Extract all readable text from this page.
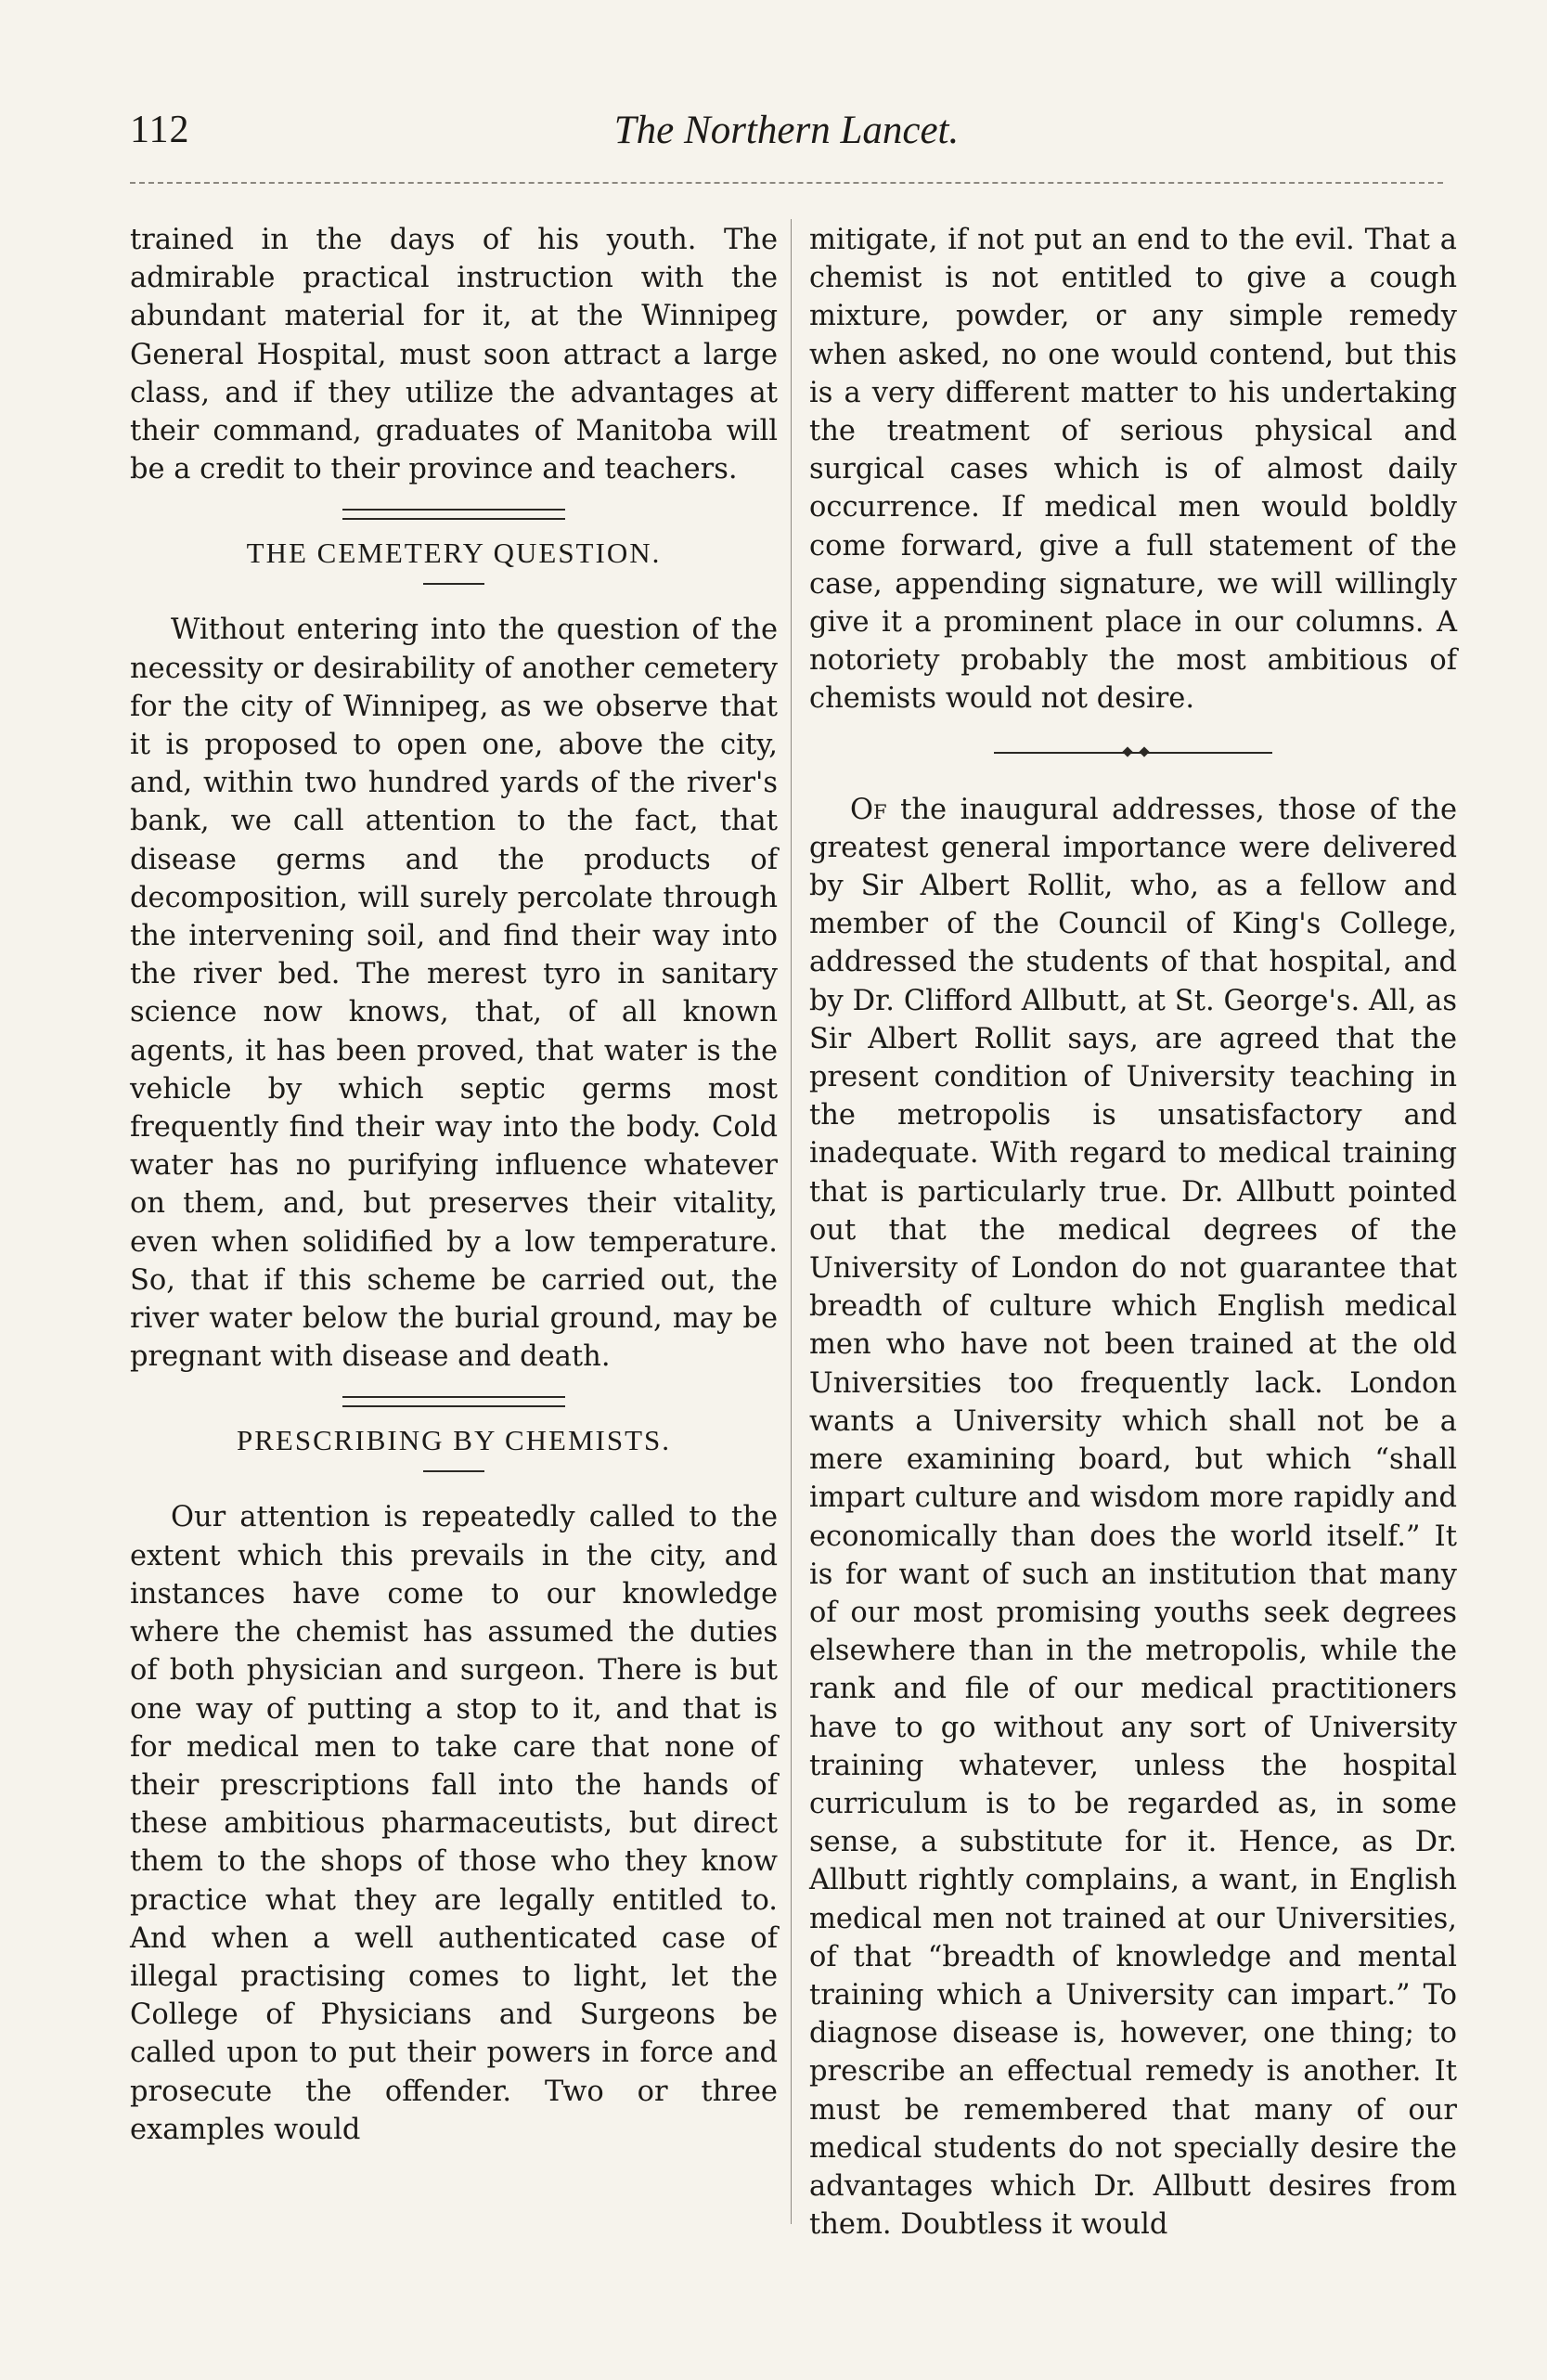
112	The Northern Lancet.

trained in the days of his youth. The admirable practical instruction with the abundant material for it, at the Winnipeg General Hospital, must soon attract a large class, and if they utilize the advantages at their command, graduates of Manitoba will be a credit to their province and teachers.

THE CEMETERY QUESTION.

Without entering into the question of the necessity or desirability of another cemetery for the city of Winnipeg, as we observe that it is proposed to open one, above the city, and, within two hundred yards of the river's bank, we call attention to the fact, that disease germs and the products of decomposition, will surely percolate through the intervening soil, and find their way into the river bed. The merest tyro in sanitary science now knows, that, of all known agents, it has been proved, that water is the vehicle by which septic germs most frequently find their way into the body. Cold water has no purifying influence whatever on them, and, but preserves their vitality, even when solidified by a low temperature. So, that if this scheme be carried out, the river water below the burial ground, may be pregnant with disease and death.

PRESCRIBING BY CHEMISTS.

Our attention is repeatedly called to the extent which this prevails in the city, and instances have come to our knowledge where the chemist has assumed the duties of both physician and surgeon. There is but one way of putting a stop to it, and that is for medical men to take care that none of their prescriptions fall into the hands of these ambitious pharmaceutists, but direct them to the shops of those who they know practice what they are legally entitled to. And when a well authenticated case of illegal practising comes to light, let the College of Physicians and Surgeons be called upon to put their powers in force and prosecute the offender. Two or three examples would

mitigate, if not put an end to the evil. That a chemist is not entitled to give a cough mixture, powder, or any simple remedy when asked, no one would contend, but this is a very different matter to his undertaking the treatment of serious physical and surgical cases which is of almost daily occurrence. If medical men would boldly come forward, give a full statement of the case, appending signature, we will willingly give it a prominent place in our columns. A notoriety probably the most ambitious of chemists would not desire.

Of the inaugural addresses, those of the greatest general importance were delivered by Sir Albert Rollit, who, as a fellow and member of the Council of King's College, addressed the students of that hospital, and by Dr. Clifford Allbutt, at St. George's. All, as Sir Albert Rollit says, are agreed that the present condition of University teaching in the metropolis is unsatisfactory and inadequate. With regard to medical training that is particularly true. Dr. Allbutt pointed out that the medical degrees of the University of London do not guarantee that breadth of culture which English medical men who have not been trained at the old Universities too frequently lack. London wants a University which shall not be a mere examining board, but which “shall impart culture and wisdom more rapidly and economically than does the world itself.” It is for want of such an institution that many of our most promising youths seek degrees elsewhere than in the metropolis, while the rank and file of our medical practitioners have to go without any sort of University training whatever, unless the hospital curriculum is to be regarded as, in some sense, a substitute for it. Hence, as Dr. Allbutt rightly complains, a want, in English medical men not trained at our Universities, of that “breadth of knowledge and mental training which a University can impart.” To diagnose disease is, however, one thing; to prescribe an effectual remedy is another. It must be remembered that many of our medical students do not specially desire the advantages which Dr. Allbutt desires from them. Doubtless it would
